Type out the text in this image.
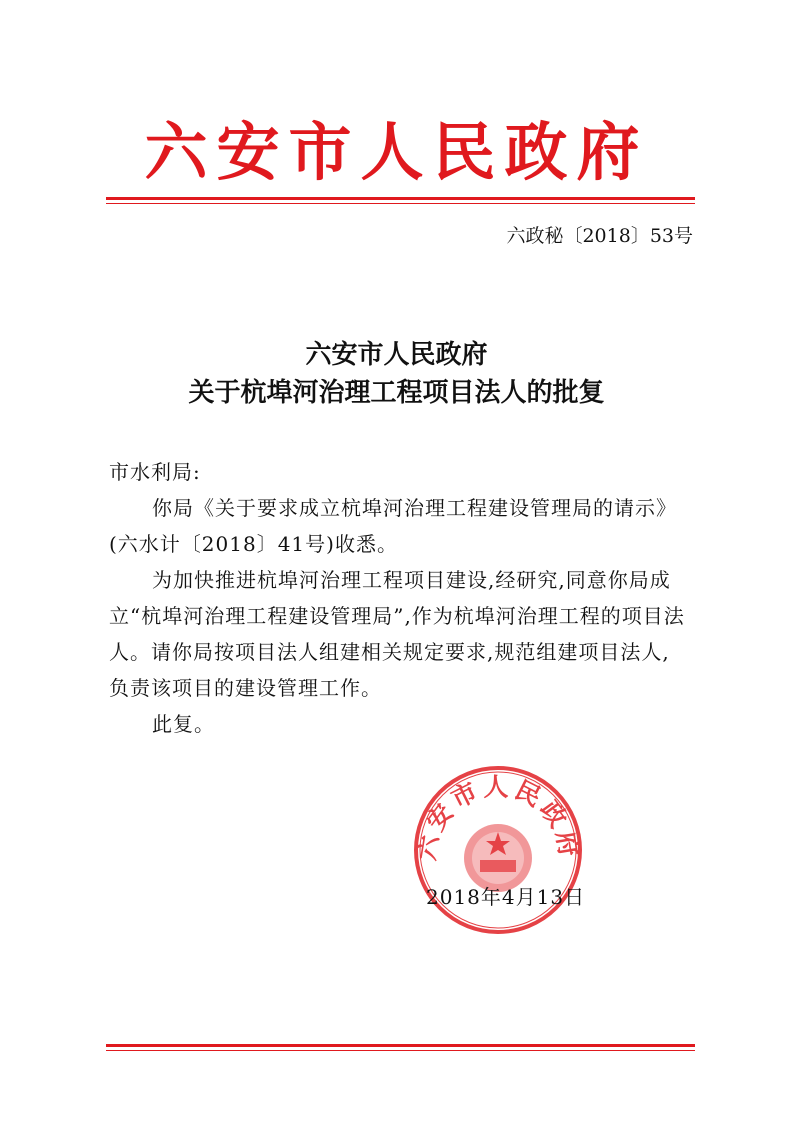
六安市人民政府
六政秘〔2018〕53号
六安市人民政府
关于杭埠河治理工程项目法人的批复
市水利局:
你局《关于要求成立杭埠河治理工程建设管理局的请示》(六水计〔2018〕41号)收悉。
为加快推进杭埠河治理工程项目建设,经研究,同意你局成立“杭埠河治理工程建设管理局”,作为杭埠河治理工程的项目法人。请你局按项目法人组建相关规定要求,规范组建项目法人,负责该项目的建设管理工作。
此复。
六安市人民政府
2018年4月13日
